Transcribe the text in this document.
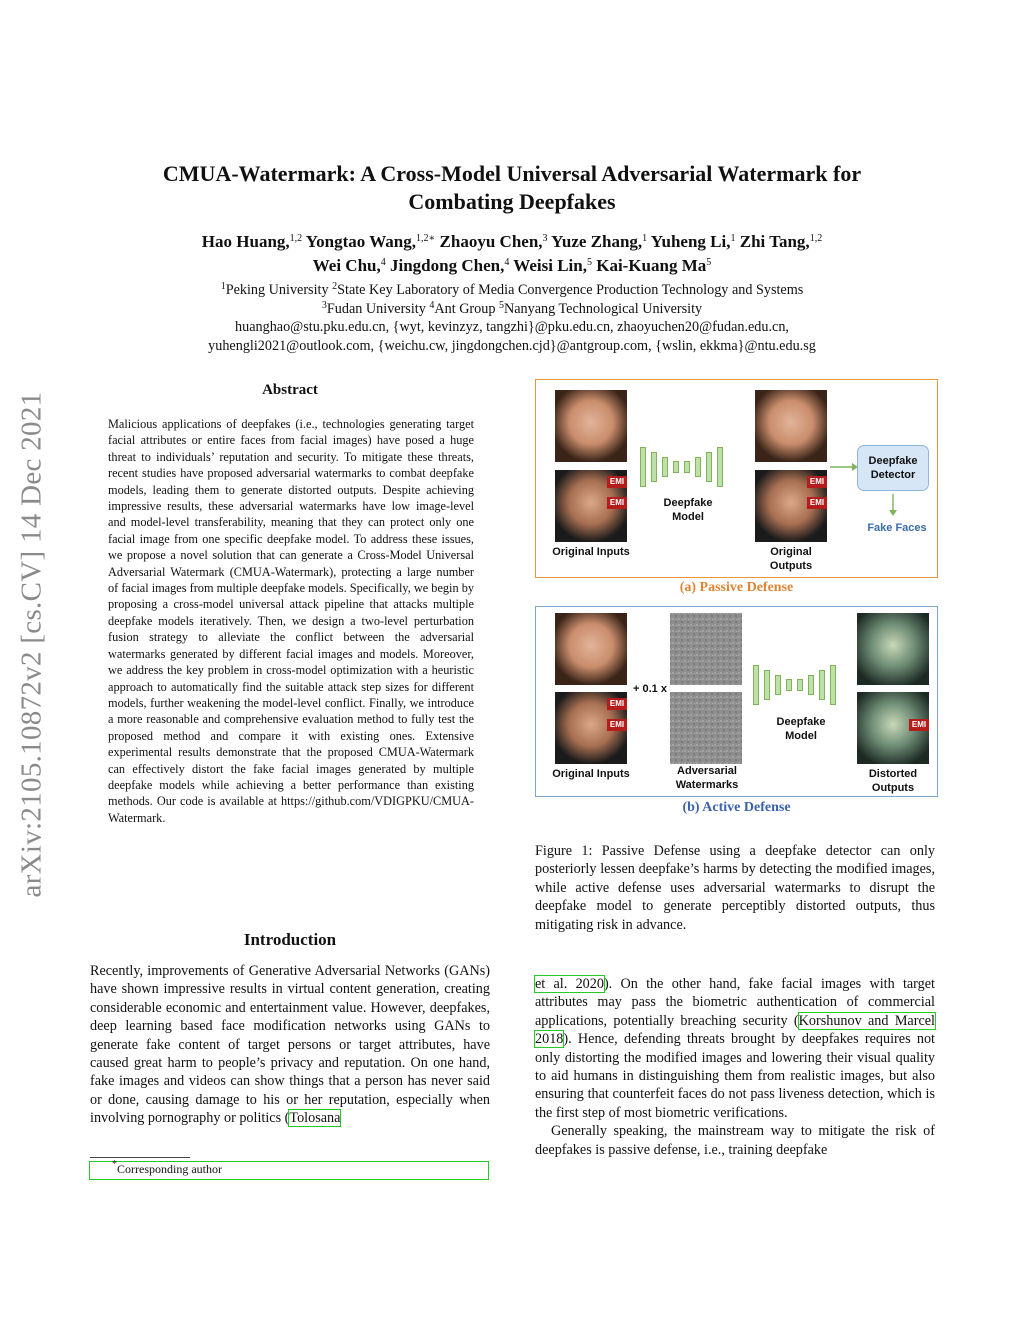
arXiv:2105.10872v2 [cs.CV] 14 Dec 2021
CMUA-Watermark: A Cross-Model Universal Adversarial Watermark for
Combating Deepfakes
Hao Huang,$^{1,2}$ Yongtao Wang,$^{1,2∗}$ Zhaoyu Chen,$^3$ Yuze Zhang,$^1$ Yuheng Li,$^1$ Zhi Tang,$^{1,2}$
Wei Chu,$^4$ Jingdong Chen,$^4$ Weisi Lin,$^5$ Kai-Kuang Ma$^5$
$^1$Peking University $^2$State Key Laboratory of Media Convergence Production Technology and Systems
$^3$Fudan University $^4$Ant Group $^5$Nanyang Technological University
huanghao@stu.pku.edu.cn, {wyt, kevinzyz, tangzhi}@pku.edu.cn, zhaoyuchen20@fudan.edu.cn,
yuhengli2021@outlook.com, {weichu.cw, jingdongchen.cjd}@antgroup.com, {wslin, ekkma}@ntu.edu.sg
Abstract
Malicious applications of deepfakes (i.e., technologies generating target facial attributes or entire faces from facial images) have posed a huge threat to individuals’ reputation and security. To mitigate these threats, recent studies have proposed adversarial watermarks to combat deepfake models, leading them to generate distorted outputs. Despite achieving impressive results, these adversarial watermarks have low image-level and model-level transferability, meaning that they can protect only one facial image from one specific deepfake model. To address these issues, we propose a novel solution that can generate a Cross-Model Universal Adversarial Watermark (CMUA-Watermark), protecting a large number of facial images from multiple deepfake models. Specifically, we begin by proposing a cross-model universal attack pipeline that attacks multiple deepfake models iteratively. Then, we design a two-level perturbation fusion strategy to alleviate the conflict between the adversarial watermarks generated by different facial images and models. Moreover, we address the key problem in cross-model optimization with a heuristic approach to automatically find the suitable attack step sizes for different models, further weakening the model-level conflict. Finally, we introduce a more reasonable and comprehensive evaluation method to fully test the proposed method and compare it with existing ones. Extensive experimental results demonstrate that the proposed CMUA-Watermark can effectively distort the fake facial images generated by multiple deepfake models while achieving a better performance than existing methods. Our code is available at https://github.com/VDIGPKU/CMUA-Watermark.
Introduction
Recently, improvements of Generative Adversarial Networks (GANs) have shown impressive results in virtual content generation, creating considerable economic and entertainment value. However, deepfakes, deep learning based face modification networks using GANs to generate fake content of target persons or target attributes, have caused great harm to people’s privacy and reputation. On one hand, fake images and videos can show things that a person has never said or done, causing damage to his or her reputation, especially when involving pornography or politics (Tolosana
*Corresponding author
et al. 2020). On the other hand, fake facial images with target attributes may pass the biometric authentication of commercial applications, potentially breaching security (Korshunov and Marcel 2018). Hence, defending threats brought by deepfakes requires not only distorting the modified images and lowering their visual quality to aid humans in distinguishing them from realistic images, but also ensuring that counterfeit faces do not pass liveness detection, which is the first step of most biometric verifications.
Generally speaking, the mainstream way to mitigate the risk of deepfakes is passive defense, i.e., training deepfake
EMI
EMI
EMI
EMI
EMI
EMI	EMI
Original Inputs
Deepfake Model
Original Outputs
Deepfake Detector
Fake Faces
(a) Passive Defense
+ 0.1 x
Original Inputs	Adversarial Watermarks
Deepfake Model
Distorted Outputs
(b) Active Defense
Figure 1: Passive Defense using a deepfake detector can only posteriorly lessen deepfake’s harms by detecting the modified images, while active defense uses adversarial watermarks to disrupt the deepfake model to generate perceptibly distorted outputs, thus mitigating risk in advance.
